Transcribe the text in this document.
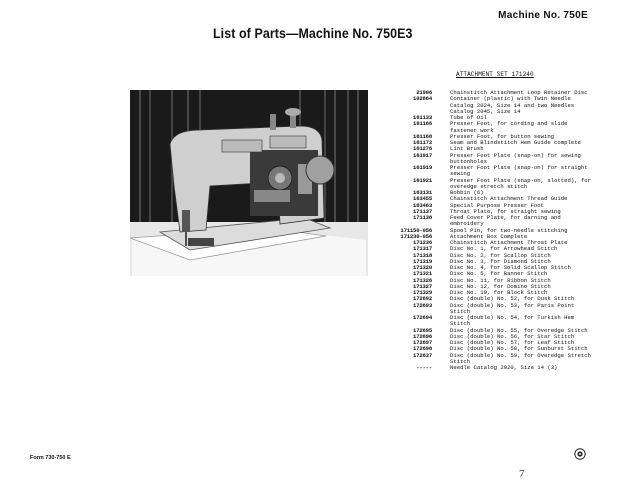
Machine No. 750E
List of Parts—Machine No. 750E3
ATTACHMENT SET 171240
21906	Chainstitch Attachment Loop Retainer Disc
102864	Container (plastic) with Twin Needle Catalog 2024, Size 14 and two Needles Catalog 2045, Size 14
161133	Tube of Oil
161166	Presser Foot, for cording and slide fastener work
161168	Presser Foot, for button sewing
161172	Seam and Blindstitch Hem Guide complete
161276	Lint Brush
161917	Presser Foot Plate (snap-on) for sewing buttonholes
161919	Presser Foot Plate (snap-on) for straight sewing
161921	Presser Foot Plate (snap-on, slotted), for overedge stretch stitch
163131	Bobbin (6)
163455	Chainstitch Attachment Thread Guide
163463	Special Purpose Presser Foot
171137	Throat Plate, for straight sewing
171138	Feed Cover Plate, for darning and embroidery
171150-056	Spool Pin, for two-needle stitching
171230-056	Attachment Box Complete
171236	Chainstitch Attachment Throat Plate
171317	Disc No. 1, for Arrowhead Stitch
171318	Disc No. 2, for Scallop Stitch
171319	Disc No. 3, for Diamond Stitch
171320	Disc No. 4, for Solid Scallop Stitch
171321	Disc No. 5, for Banner Stitch
171326	Disc No. 11, for Ribbon Stitch
171327	Disc No. 12, for Domino Stitch
171329	Disc No. 19, for Block Stitch
172692	Disc (double) No. 52, for Dusk Stitch
172693	Disc (double) No. 53, for Paris Point Stitch
172694	Disc (double) No. 54, for Turkish Hem Stitch
172695	Disc (double) No. 55, for Overedge Stitch
172696	Disc (double) No. 56, for Star Stitch
172697	Disc (double) No. 57, for Leaf Stitch
172698	Disc (double) No. 58, for Sunburst Stitch
172637	Disc (double) No. 59, for Overedge Stretch Stitch
-----	Needle Catalog 2020, Size 14 (3)
Form 730-750 E
7
